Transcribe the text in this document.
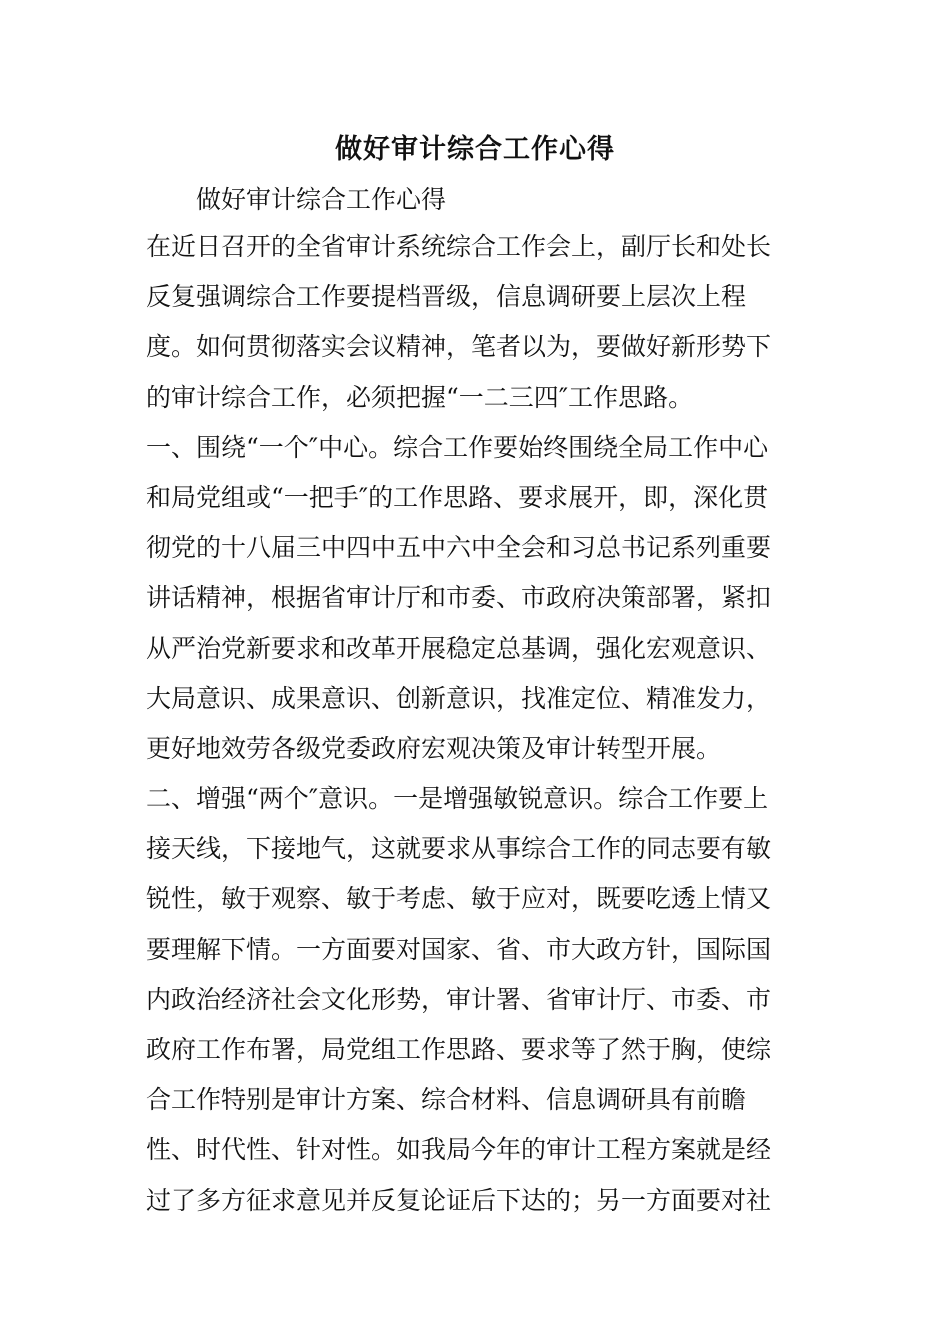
做好审计综合工作心得

做好审计综合工作心得

在近日召开的全省审计系统综合工作会上，副厅长和处长
反复强调综合工作要提档晋级，信息调研要上层次上程
度。如何贯彻落实会议精神，笔者以为，要做好新形势下
的审计综合工作，必须把握“一二三四″工作思路。
一、围绕“一个″中心。综合工作要始终围绕全局工作中心
和局党组或“一把手″的工作思路、要求展开，即，深化贯
彻党的十八届三中四中五中六中全会和习总书记系列重要
讲话精神，根据省审计厅和市委、市政府决策部署，紧扣
从严治党新要求和改革开展稳定总基调，强化宏观意识、
大局意识、成果意识、创新意识，找准定位、精准发力，
更好地效劳各级党委政府宏观决策及审计转型开展。
二、增强“两个″意识。一是增强敏锐意识。综合工作要上
接天线，下接地气，这就要求从事综合工作的同志要有敏
锐性，敏于观察、敏于考虑、敏于应对，既要吃透上情又
要理解下情。一方面要对国家、省、市大政方针，国际国
内政治经济社会文化形势，审计署、省审计厅、市委、市
政府工作布署，局党组工作思路、要求等了然于胸，使综
合工作特别是审计方案、综合材料、信息调研具有前瞻
性、时代性、针对性。如我局今年的审计工程方案就是经
过了多方征求意见并反复论证后下达的；另一方面要对社
